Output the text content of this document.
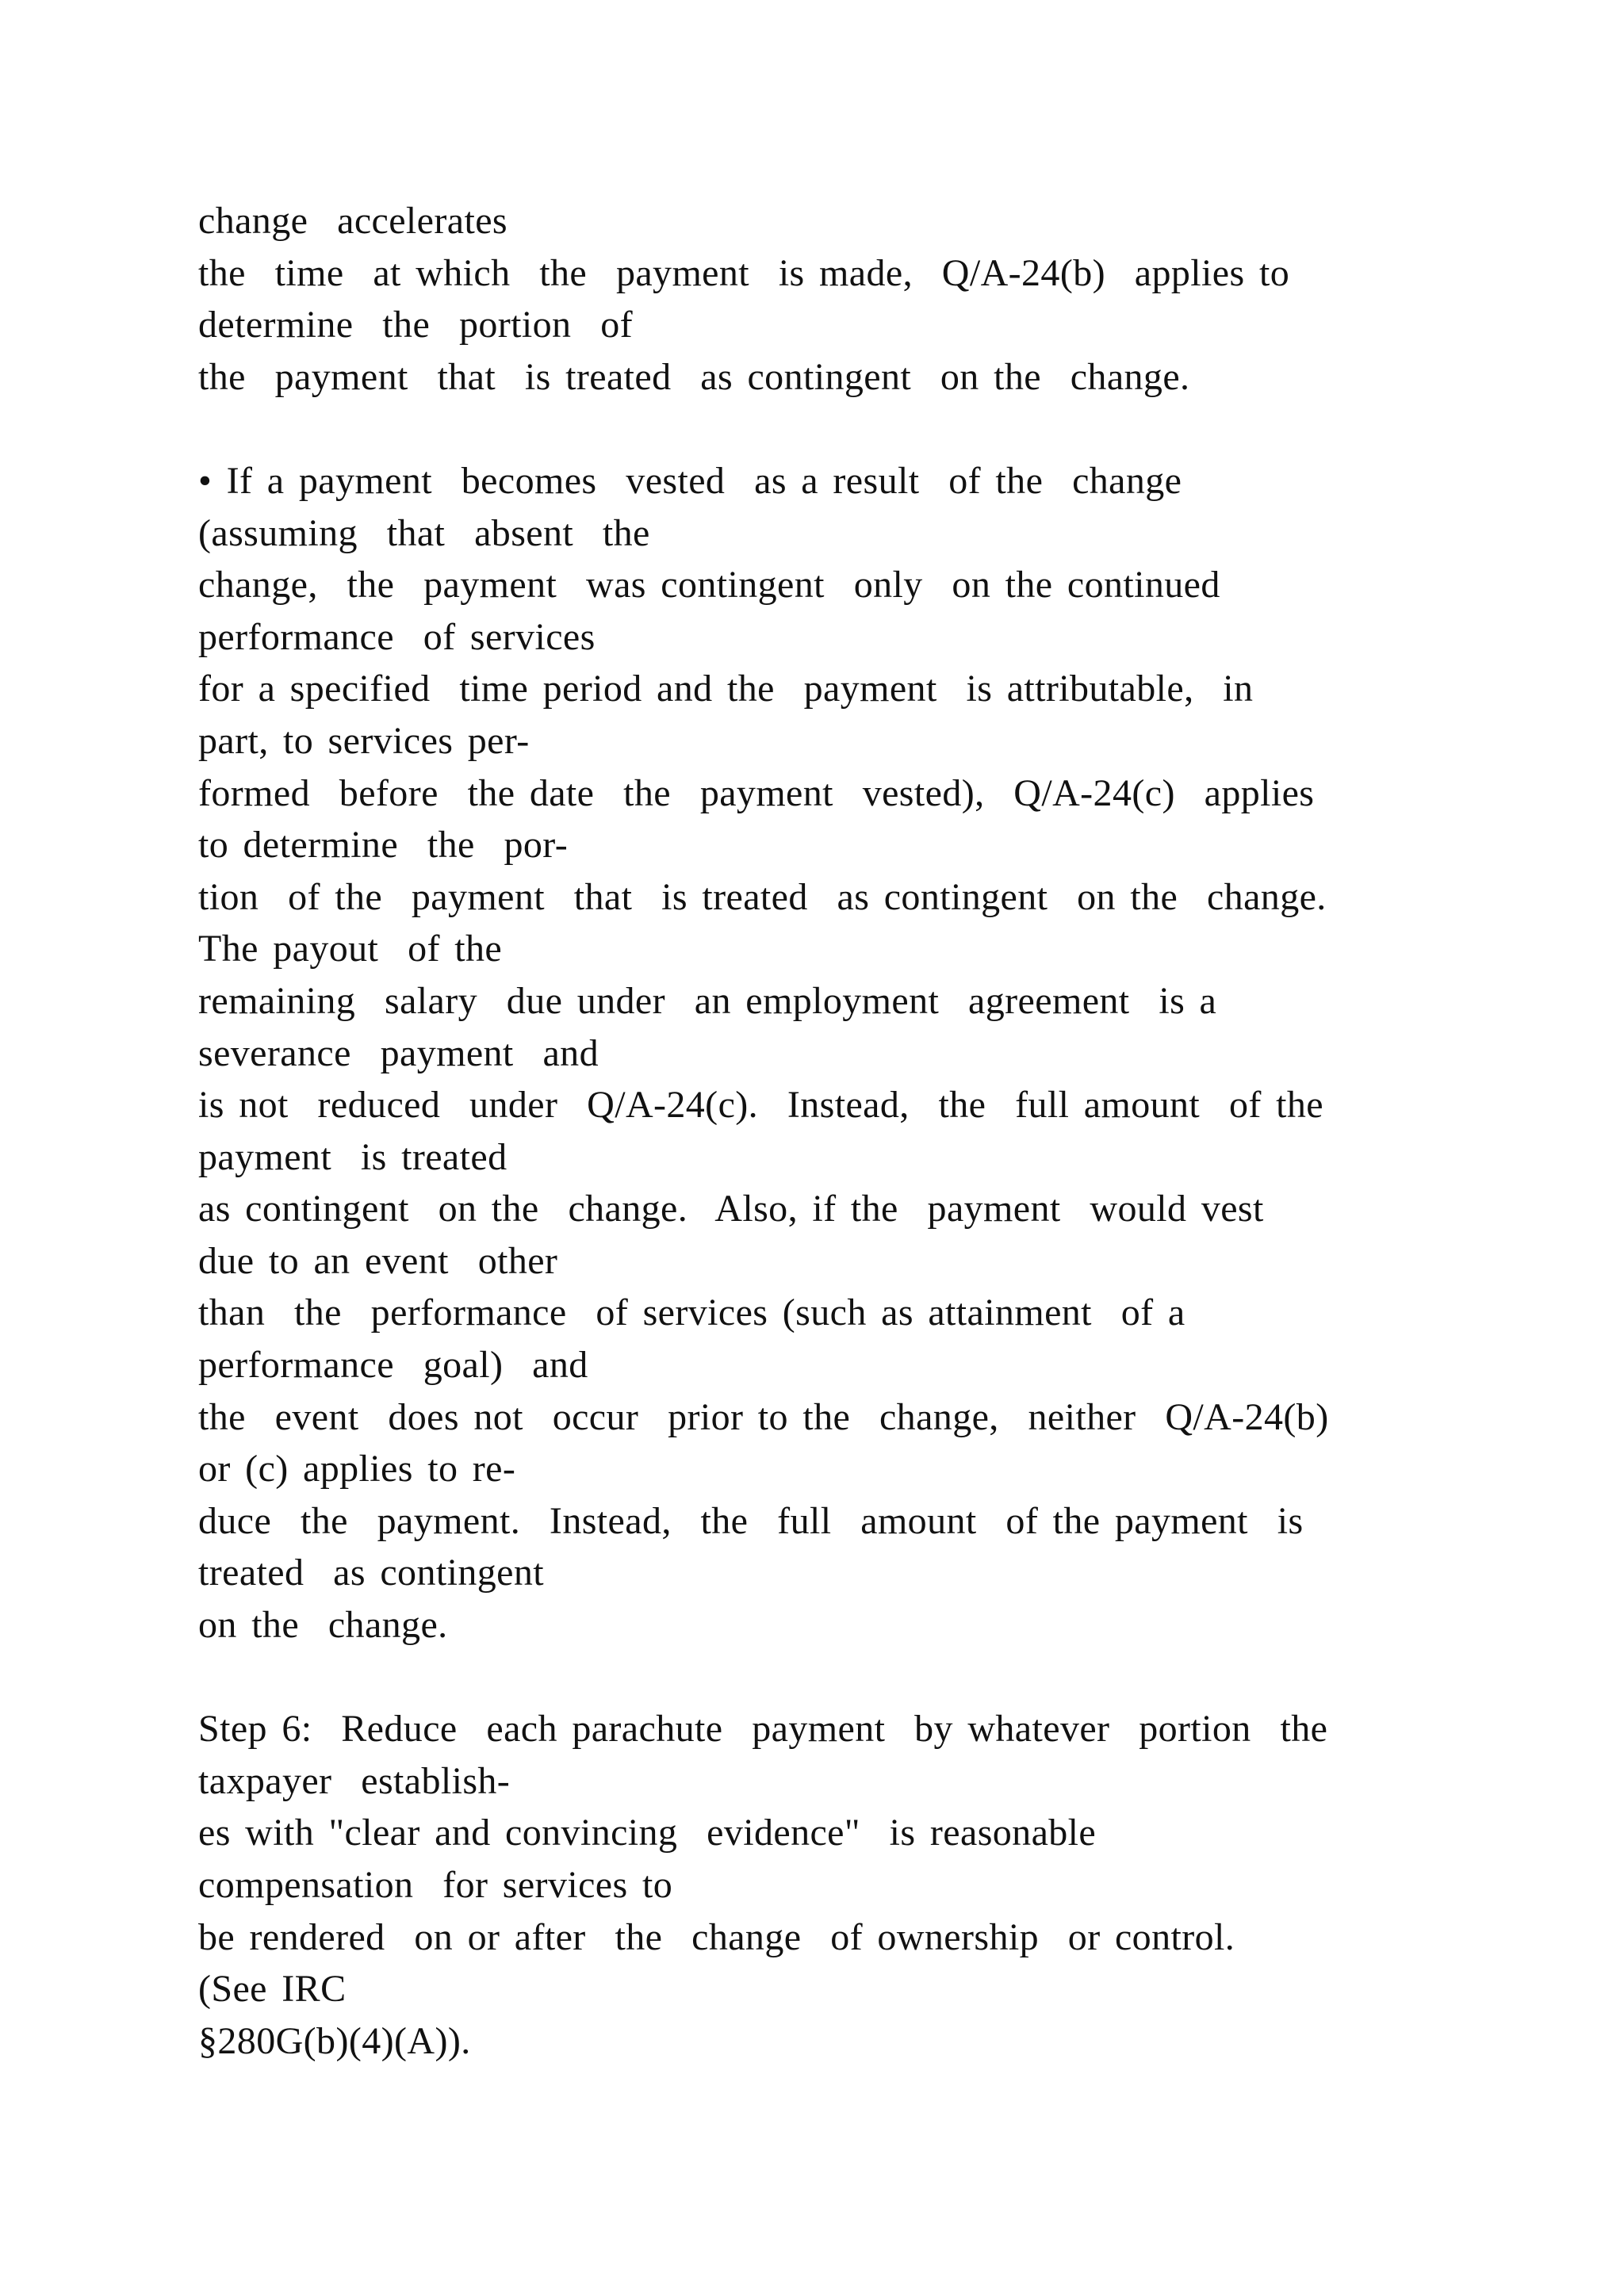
change  accelerates
the  time  at which  the  payment  is made,  Q/A-24(b)  applies to
determine  the  portion  of
the  payment  that  is treated  as contingent  on the  change.
• If a payment  becomes  vested  as a result  of the  change
(assuming  that  absent  the
change,  the  payment  was contingent  only  on the continued
performance  of services
for a specified  time period and the  payment  is attributable,  in
part, to services per-
formed  before  the date  the  payment  vested),  Q/A-24(c)  applies
to determine  the  por-
tion  of the  payment  that  is treated  as contingent  on the  change.
The payout  of the
remaining  salary  due under  an employment  agreement  is a
severance  payment  and
is not  reduced  under  Q/A-24(c).  Instead,  the  full amount  of the
payment  is treated
as contingent  on the  change.  Also, if the  payment  would vest
due to an event  other
than  the  performance  of services (such as attainment  of a
performance  goal)  and
the  event  does not  occur  prior to the  change,  neither  Q/A-24(b)
or (c) applies to re-
duce  the  payment.  Instead,  the  full  amount  of the payment  is
treated  as contingent
on the  change.
Step 6:  Reduce  each parachute  payment  by whatever  portion  the
taxpayer  establish-
es with "clear and convincing  evidence"  is reasonable
compensation  for services to
be rendered  on or after  the  change  of ownership  or control.
(See IRC
§280G(b)(4)(A)).
